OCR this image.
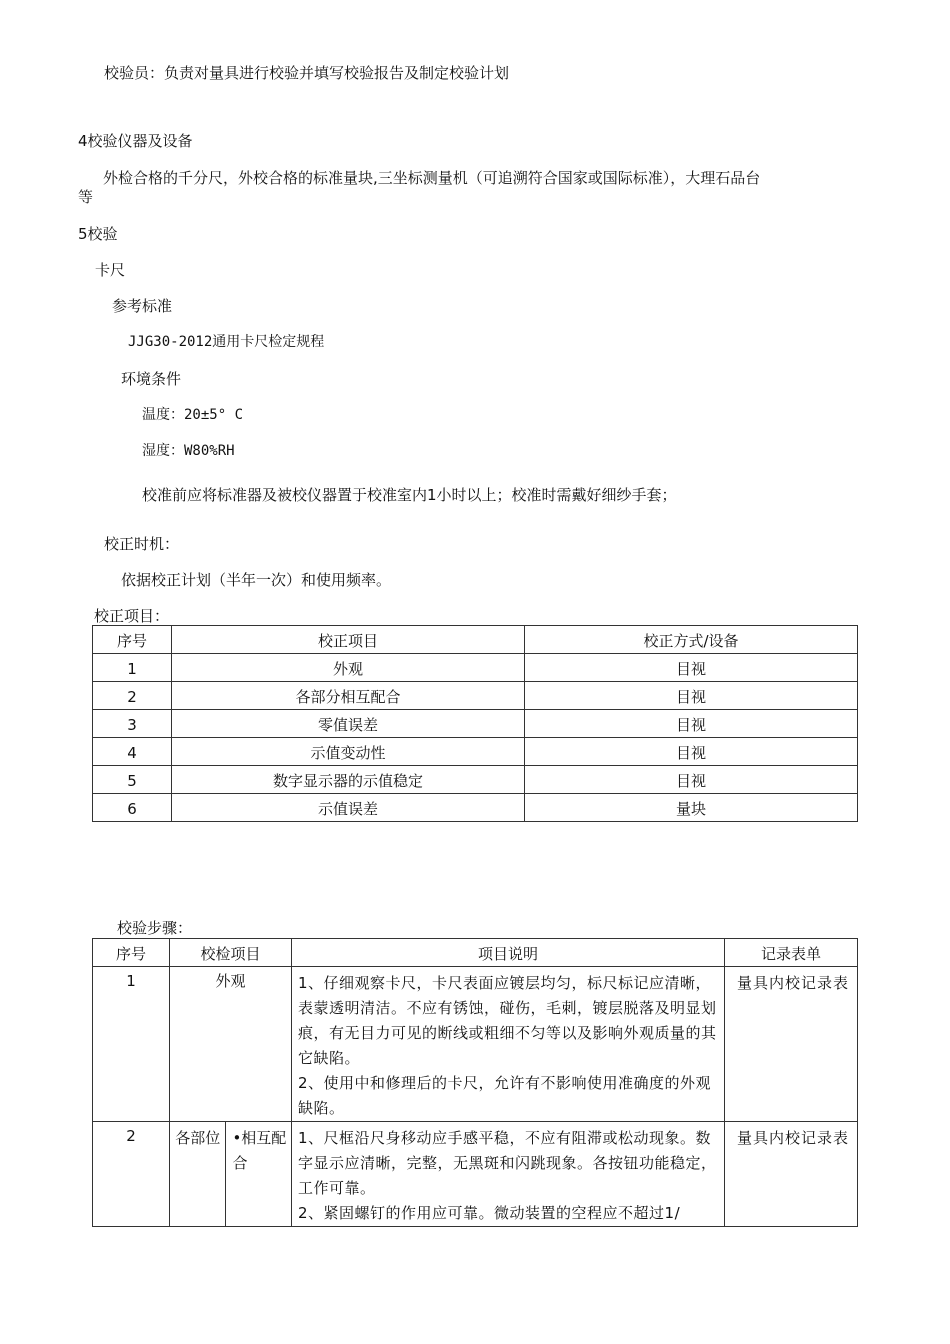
校验员：负责对量具进行校验并填写校验报告及制定校验计划
4校验仪器及设备
外检合格的千分尺，外校合格的标准量块,三坐标测量机（可追溯符合国家或国际标准），大理石品台
等
5校验
卡尺
参考标准
JJG30-2012通用卡尺检定规程
环境条件
温度：20±5° C
湿度：W80%RH
校准前应将标准器及被校仪器置于校准室内1小时以上；校准时需戴好细纱手套；
校正时机：
依据校正计划（半年一次）和使用频率。
校正项目：
序号	校正项目	校正方式/设备
1	外观	目视
2	各部分相互配合	目视
3	零值误差	目视
4	示值变动性	目视
5	数字显示器的示值稳定	目视
6	示值误差	量块
校验步骤：
序号	校检项目		项目说明	记录表单
1	外观		1、仔细观察卡尺，卡尺表面应镀层均匀，标尺标记应清晰，表蒙透明清洁。不应有锈蚀，碰伤，毛刺，镀层脱落及明显划痕，有无目力可见的断线或粗细不匀等以及影响外观质量的其它缺陷。
2、使用中和修理后的卡尺，允许有不影响使用准确度的外观缺陷。	量具内校记录表
2	各部位	•相互配合	1、尺框沿尺身移动应手感平稳，不应有阻滞或松动现象。数字显示应清晰，完整，无黑斑和闪跳现象。各按钮功能稳定，工作可靠。
2、紧固螺钉的作用应可靠。微动装置的空程应不超过1/	量具内校记录表
